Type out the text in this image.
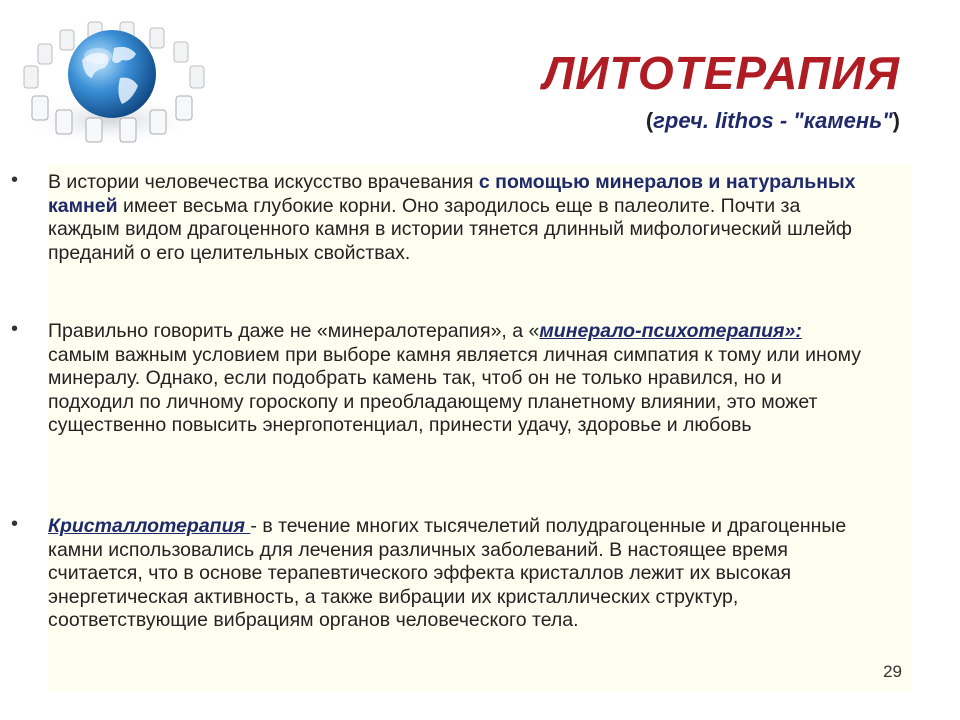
ЛИТОТЕРАПИЯ
(греч. lithos - "камень")
• В истории человечества искусство врачевания с помощью минералов и натуральных камней имеет весьма глубокие корни. Оно зародилось еще в палеолите. Почти за каждым видом драгоценного камня в истории тянется длинный мифологический шлейф преданий о его целительных свойствах.
• Правильно говорить даже не «минералотерапия», а «минерало-психотерапия»: самым важным условием при выборе камня является личная симпатия к тому или иному минералу. Однако, если подобрать камень так, чтоб он не только нравился, но и подходил по личному гороскопу и преобладающему планетному влиянии, это может существенно повысить энергопотенциал, принести удачу, здоровье и любовь
• Кристаллотерапия - в течение многих тысячелетий полудрагоценные и драгоценные камни использовались для лечения различных заболеваний. В настоящее время считается, что в основе терапевтического эффекта кристаллов лежит их высокая энергетическая активность, а также вибрации их кристаллических структур, соответствующие вибрациям органов человеческого тела.
29
